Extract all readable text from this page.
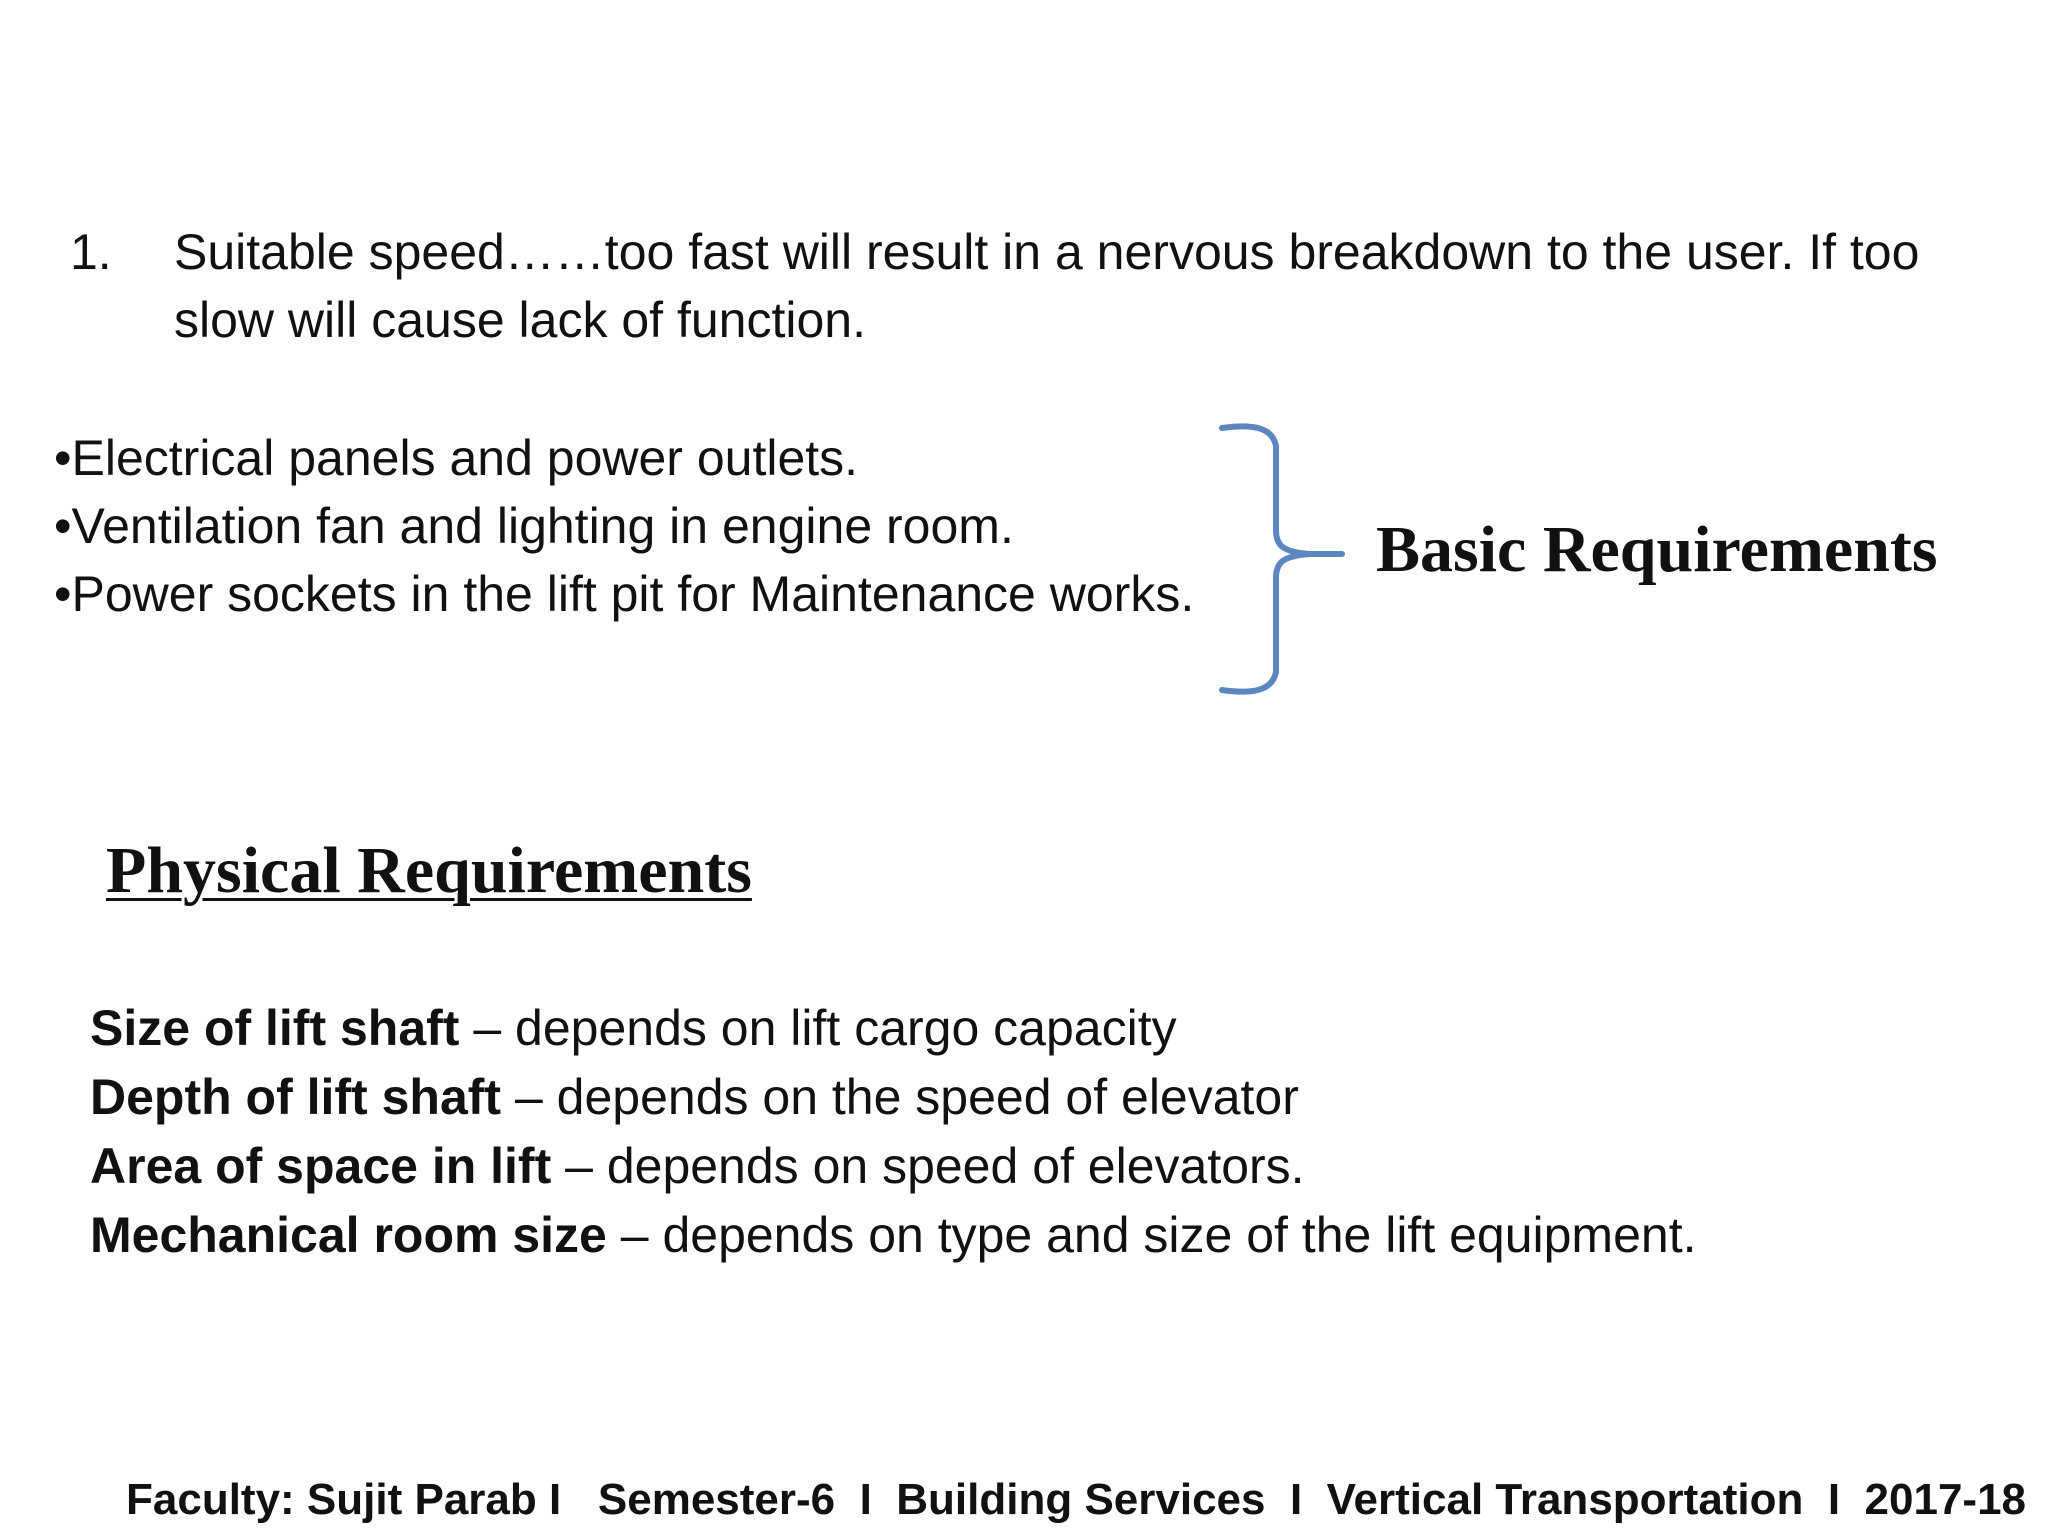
1. Suitable speed……too fast will result in a nervous breakdown to the user. If too slow will cause lack of function.
•Electrical panels and power outlets.
•Ventilation fan and lighting in engine room.
•Power sockets in the lift pit for Maintenance works.
Basic Requirements
Physical Requirements
Size of lift shaft – depends on lift cargo capacity
Depth of lift shaft – depends on the speed of elevator
Area of space in lift – depends on speed of elevators.
Mechanical room size – depends on type and size of the lift equipment.
Faculty: Sujit Parab I   Semester-6  I  Building Services  I  Vertical Transportation  I  2017-18
